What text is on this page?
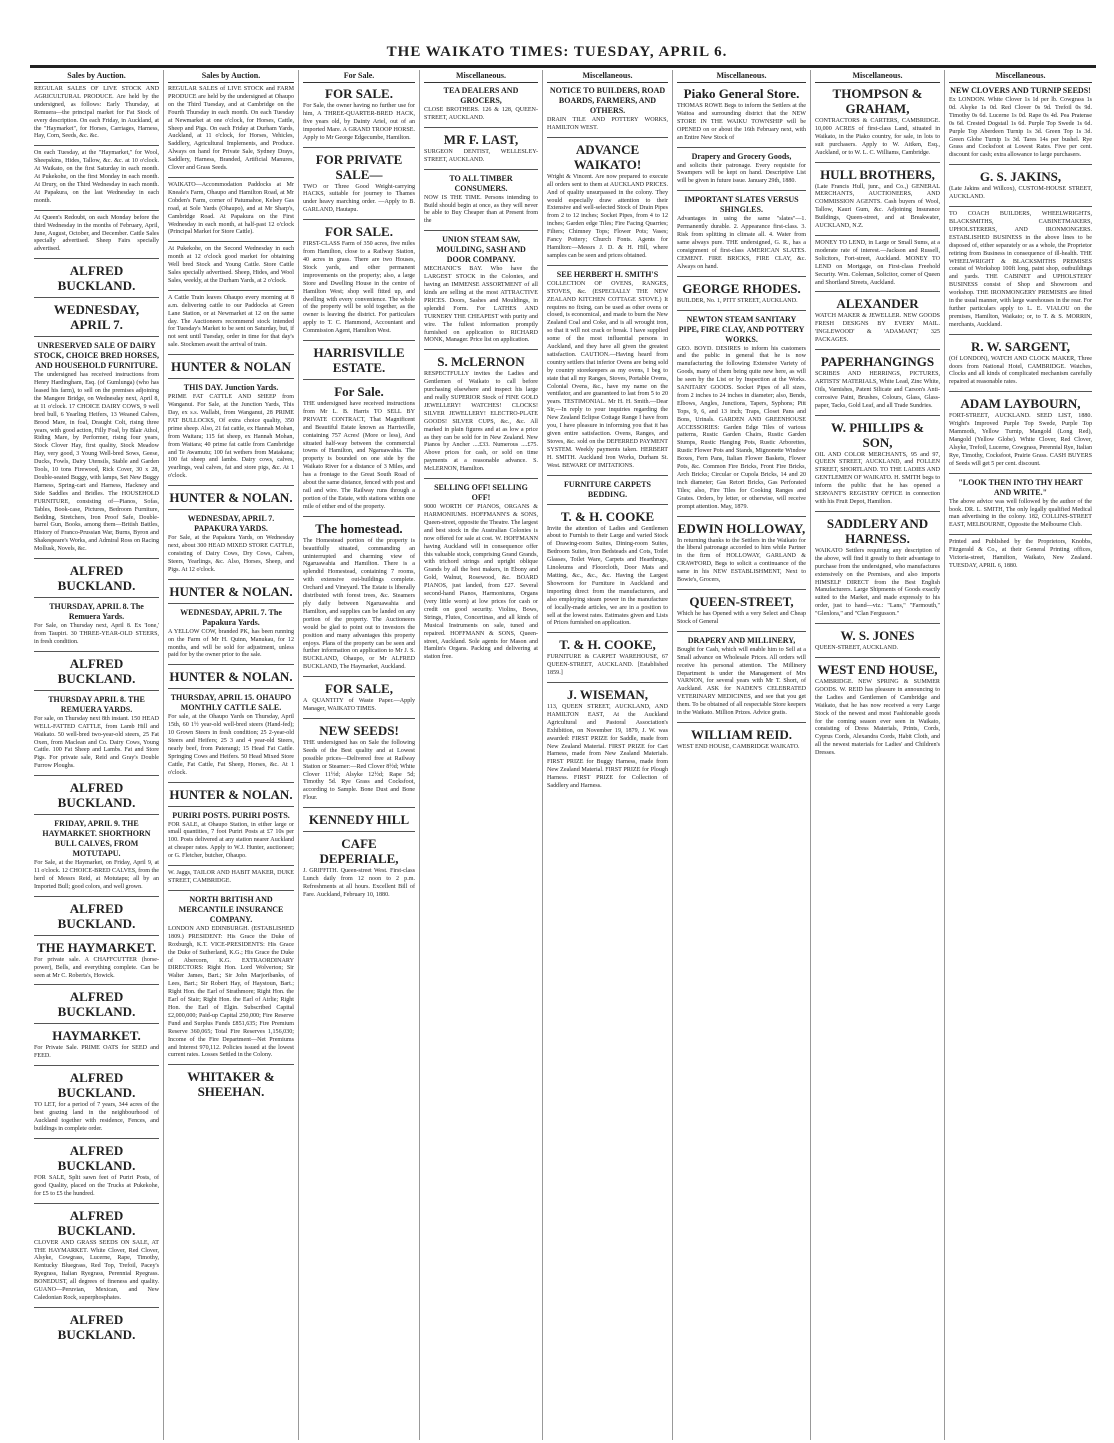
THE WAIKATO TIMES: TUESDAY, APRIL 6.
Sales by Auction.

REGULAR SALES OF LIVE STOCK AND AGRICULTURAL PRODUCE. Are held by the undersigned, as follows: Early Thursday, at Remuera—the principal market for Fat Stock of every description. On each Friday, in Auckland, at the "Haymarket", for Horses, Carriages, Harness, Hay, Corn, Seeds, &c. &c.

On each Tuesday, at the "Haymarket," for Wool, Sheepskins, Hides, Tallow, &c. &c. at 10 o'clock. At Waikato, on the first Saturday in each month. At Pukekohe, on the first Monday in each month. At Drury, on the Third Wednesday in each month. At Papakura, on the last Wednesday in each month.

At Queen's Redoubt, on each Monday before the third Wednesday in the months of February, April, June, August, October, and December. Cattle Sales specially advertised. Sheep Fairs specially advertised.

ALFRED BUCKLAND.
WEDNESDAY, APRIL 7.
UNRESERVED SALE OF DAIRY STOCK, CHOICE BRED HORSES, AND HOUSEHOLD FURNITURE.

The undersigned has received instructions from Henry Hardingham, Esq. (of Gumlunga) (who has leased his farm), to sell on the premises adjoining the Mangere Bridge, on Wednesday next, April 8, at 11 o'clock. 17 CHOICE DAIRY COWS, 9 well bred bull, 6 Yearling Heifers, 13 Weaned Calves, Brood Mare, in foal, Draught Colt, rising three years, with good action, Filly Foal, by Blair Athol, Riding Mare, by Performer, rising four years, Stock Clover Hay, first quality, Stock Meadow Hay, very good, 3 Young Well-bred Sows, Geese, Ducks, Fowls, Dairy Utensils, Stable and Garden Tools, 10 tons Firewood, Rick Cover, 30 x 28, Double-seated Buggy, with lamps, Set New Buggy Harness, Spring-cart and Harness, Hackney and Side Saddles and Bridles. The HOUSEHOLD FURNITURE, consisting of—Pianos, Sofas, Tables, Book-case, Pictures, Bedroom Furniture, Bedding, Stretchers, Iron Proof Safe, Double-barrel Gun, Books, among them—British Battles, History of Franco-Prussian War, Burns, Byron and Shakespeare's Works, and Admiral Ross on Racing Mollusk, Novels, &c.

ALFRED BUCKLAND.
THURSDAY, APRIL 8. The Remuera Yards.

For Sale, on Thursday next, April 8. Ex 'Ione,' from Taupiri. 30 THREE-YEAR-OLD STEERS, in fresh condition.

ALFRED BUCKLAND.
THURSDAY APRIL 8. THE REMUERA YARDS.

For sale, on Thursday next 8th instant. 150 HEAD WELL-FATTED CATTLE, from Lamb Hill and Waikato. 50 well-bred two-year-old steers, 25 Fat Oxen, from Maclean and Co. Dairy Cows, Young Cattle. 100 Fat Sheep and Lambs. Fat and Store Pigs. For private sale, Reid and Gray's Double Furrow Ploughs.

ALFRED BUCKLAND.
FRIDAY, APRIL 9. THE HAYMARKET. SHORTHORN BULL CALVES, FROM MOTUTAPU.

For Sale, at the Haymarket, on Friday, April 9, at 11 o'clock. 12 CHOICE-BRED CALVES, from the herd of Messrs Reid, at Motutapu; all by an Imported Bull; good colors, and well grown.

ALFRED BUCKLAND.
THE HAYMARKET.

For private sale. A CHAFFCUTTER (horse-power), Bells, and everything complete. Can be seen at Mr C. Roberts's, Howick.

ALFRED BUCKLAND.
HAYMARKET.

For Private Sale. PRIME OATS for SEED and FEED.

ALFRED BUCKLAND.

TO LET, for a period of 7 years, 344 acres of the best grazing land in the neighbourhood of Auckland together with residence, Fences, and buildings in complete order.

ALFRED BUCKLAND.

FOR SALE, Split sawn feet of Puriri Posts, of good Quality, placed on the Trucks at Pukekohe, for £5 to £5 the hundred.

ALFRED BUCKLAND.

CLOVER AND GRASS SEEDS ON SALE, AT THE HAYMARKET. White Clover, Red Clover, Alsyke, Cowgrass, Lucerne, Rape, Timothy, Kentucky Bluegrass, Red Top, Trefoil, Pacey's Ryegrass, Italian Ryegrass, Perennial Ryegrass. BONEDUST, all degrees of fineness and quality. GUANO—Peruvian, Mexican, and New Caledonian Rock, superphosphates.

ALFRED BUCKLAND.
Sales by Auction.

REGULAR SALES of LIVE STOCK and FARM PRODUCE are held by the undersigned at Ohaupo on the Third Tuesday, and at Cambridge on the Fourth Thursday in each month. On each Tuesday at Newmarket at one o'clock, for Horses, Cattle, Sheep and Pigs. On each Friday at Durham Yards, Auckland, at 11 o'clock, for Horses, Vehicles, Saddlery, Agricultural Implements, and Produce. Always on hand for Private Sale, Sydney Drays, Saddlery, Harness, Branded, Artificial Manures, Clover and Grass Seeds.

WAIKATO—Accommodation Paddocks at Mr Kneale's Farm, Ohaupo and Hamilton Road, at Mr Cobden's Farm, corner of Patumahoe, Kelsey Gas road, at Sole Yards (Ohaupo), and at Mr Sharp's, Cambridge Road. At Papakura on the First Wednesday in each month, at half-past 12 o'clock (Principal Market for Store Cattle).

At Pukekohe, on the Second Wednesday in each month at 12 o'clock good market for obtaining Well bred Stock and Young Cattle. Store Cattle Sales specially advertised. Sheep, Hides, and Wool Sales, weekly, at the Durham Yards, at 2 o'clock.

A Cattle Train leaves Ohaupo every morning at 8 a.m. delivering cattle to our Paddocks at Green Lane Station, or at Newmarket at 12 on the same day. The Auctioneers recommend stock intended for Tuesday's Market to be sent on Saturday, but, if not sent until Tuesday, order in time for that day's sale. Stockmen await the arrival of train.

HUNTER & NOLAN
THIS DAY. Junction Yards.

PRIME FAT CATTLE AND SHEEP from Wanganui. For Sale, at the Junction Yards, This Day, ex s.s. Wallabi, from Wanganui, 28 PRIME FAT BULLOCKS, Of extra choice quality, 350 prime sheep. Also, 21 fat cattle, ex Hannah Mohan, from Waitara; 115 fat sheep, ex Hannah Mohan, from Waitara; 40 prime fat cattle from Cambridge and Te Awamutu; 100 fat wethers from Matakana; 100 fat sheep and lambs. Dairy cows, calves, yearlings, veal calves, fat and store pigs, &c. At 1 o'clock.

HUNTER & NOLAN.
WEDNESDAY, APRIL 7. PAPAKURA YARDS.

For Sale, at the Papakura Yards, on Wednesday next, about 300 HEAD MIXED STORE CATTLE, consisting of Dairy Cows, Dry Cows, Calves, Steers, Yearlings, &c. Also, Horses, Sheep, and Pigs. At 12 o'clock.

HUNTER & NOLAN.
WEDNESDAY, APRIL 7. The Papakura Yards.

A YELLOW COW, branded PK, has been running on the Farm of Mr H. Quinn, Manukau, for 12 months, and will be sold for adjustment, unless paid for by the owner prior to the sale.

HUNTER & NOLAN.
THURSDAY, APRIL 15. OHAUPO MONTHLY CATTLE SALE.

For sale, at the Ohaupo Yards on Thursday, April 15th, 60 1½ year-old well-bred steers (Hand-fed); 10 Grown Steers in fresh condition; 25 2-year-old Steers and Heifers; 25 3 and 4 year-old Steers, nearly beef, from Paterangi; 15 Head Fat Cattle. Springing Cows and Heifers. 50 Head Mixed Store Cattle, Fat Cattle, Fat Sheep, Horses, &c. At 1 o'clock.

HUNTER & NOLAN.
PURIRI POSTS. PURIRI POSTS.

FOR SALE, at Ohaupo Station, in either large or small quantities, 7 foot Puriri Posts at £7 10s per 100. Posts delivered at any station nearer Auckland at cheaper rates. Apply to W.J. Hunter, auctioneer; or G. Fletcher, butcher, Ohaupo.

W. Jaggs, TAILOR AND HABIT MAKER, DUKE STREET, CAMBRIDGE.

NORTH BRITISH AND MERCANTILE INSURANCE COMPANY.

LONDON AND EDINBURGH. (ESTABLISHED 1809.) PRESIDENT: His Grace the Duke of Roxburgh, K.T. VICE-PRESIDENTS: His Grace the Duke of Sutherland, K.G.; His Grace the Duke of Abercorn, K.G. EXTRAORDINARY DIRECTORS: Right Hon. Lord Wolverton; Sir Walter James, Bart.; Sir John Marjoribanks, of Lees, Bart.; Sir Robert Hay, of Haystoun, Bart.; Right Hon. the Earl of Strathmore; Right Hon. the Earl of Stair; Right Hon. the Earl of Airlie; Right Hon. the Earl of Elgin. Subscribed Capital £2,000,000; Paid-up Capital 250,000; Fire Reserve Fund and Surplus Funds £851,635; Fire Premium Reserve 360,065; Total Fire Reserves 1,156,030; Income of the Fire Department—Net Premiums and Interest 970,112. Policies issued at the lowest current rates. Losses Settled in the Colony.

WHITAKER & SHEEHAN.
For Sale.
FOR SALE.

For Sale, the owner having no further use for him, A THREE-QUARTER-BRED HACK, five years old, by Dainty Ariel, out of an imported Mare. A GRAND TROOP HORSE. Apply to Mr George Edgecumbe, Hamilton.

FOR PRIVATE SALE—

TWO or Three Good Weight-carrying HACKS, suitable for journey to Thames under heavy marching order. —Apply to B. GARLAND, Hautapu.

FOR SALE.

FIRST-CLASS Farm of 350 acres, five miles from Hamilton, close to a Railway Station, 40 acres in grass. There are two Houses, Stock yards, and other permanent improvements on the property; also, a large Store and Dwelling House in the centre of Hamilton West; shop well fitted up, and dwelling with every convenience. The whole of the property will be sold together, as the owner is leaving the district. For particulars apply to T. C. Hammond, Accountant and Commission Agent, Hamilton West.

HARRISVILLE ESTATE.
For Sale.

THE undersigned have received instructions from Mr L. B. Harris TO SELL BY PRIVATE CONTRACT, That Magnificent and Beautiful Estate known as Harrisville, containing 757 Acres! (More or less), And situated half-way between the commercial towns of Hamilton, and Ngaruawahia. The property is bounded on one side by the Waikato River for a distance of 3 Miles, and has a frontage to the Great South Road of about the same distance, fenced with post and rail and wire. The Railway runs through a portion of the Estate, with stations within one mile of either end of the property.

The homestead.

The Homestead portion of the property is beautifully situated, commanding an uninterrupted and charming view of Ngaruawahia and Hamilton. There is a splendid Homestead, containing 7 rooms, with extensive out-buildings complete. Orchard and Vineyard. The Estate is liberally distributed with forest trees, &c. Steamers ply daily between Ngaruawahia and Hamilton, and supplies can be landed on any portion of the property. The Auctioneers would be glad to point out to investors the position and many advantages this property enjoys. Plans of the property can be seen and further information on application to Mr J. S. BUCKLAND, Ohaupo, or Mr ALFRED BUCKLAND, The Haymarket, Auckland.

FOR SALE,

A QUANTITY of Waste Paper.—Apply Manager, WAIKATO TIMES.

NEW SEEDS!

THE undersigned has on Sale the following Seeds of the Best quality and at Lowest possible prices—Delivered free at Railway Station or Steamer:—Red Clover 8½d; White Clover 11½d; Alsyke 12½d; Rape 5d; Timothy 5d. Rye Grass and Cocksfoot, according to Sample. Bone Dust and Bone Flour.

KENNEDY HILL
CAFE DEPERIALE,

J. GRIFFITH. Queen-street West. First-class Lunch daily from 12 noon to 2 p.m. Refreshments at all hours. Excellent Bill of Fare. Auckland, February 10, 1880.

Miscellaneous.
TEA DEALERS AND GROCERS,

CLOSE BROTHERS. 126 & 128, QUEEN-STREET, AUCKLAND.

MR F. LAST,

SURGEON DENTIST, WELLESLEY-STREET, AUCKLAND.

TO ALL TIMBER CONSUMERS.

NOW IS THE TIME. Persons intending to Build should begin at once, as they will never be able to Buy Cheaper than at Present from the

UNION STEAM SAW, MOULDING, SASH AND DOOR COMPANY.

MECHANIC'S BAY. Who have the LARGEST STOCK in the Colonies, and having an IMMENSE ASSORTMENT of all kinds are selling at the most ATTRACTIVE PRICES. Doors, Sashes and Mouldings, in splendid Form. For LATHES AND TURNERY THE CHEAPEST with purity and wire. The fullest information promptly furnished on application to RICHARD MONK, Manager. Price list on application.

S. McLERNON

RESPECTFULLY invites the Ladies and Gentlemen of Waikato to call before purchasing elsewhere and inspect his large and really SUPERIOR Stock of FINE GOLD JEWELLERY! WATCHES! CLOCKS! SILVER JEWELLERY! ELECTRO-PLATE GOODS! SILVER CUPS, &c., &c. All marked in plain figures and at as low a price as they can be sold for in New Zealand. New Pianos by Ancher ....£33. Numerous ....£75. Above prices for cash, or sold on time payments at a reasonable advance. S. McLERNON, Hamilton.

SELLING OFF! SELLING OFF!

9000 WORTH OF PIANOS, ORGANS & HARMONIUMS. HOFFMANN'S & SONS, Queen-street, opposite the Theatre. The largest and best stock in the Australian Colonies is now offered for sale at cost. W. HOFFMANN having Auckland will in consequence offer this valuable stock, comprising Grand Grands, with trichord strings and upright oblique Grands by all the best makers, in Ebony and Gold, Walnut, Rosewood, &c. BOARD PIANOS, just landed, from £27. Several second-hand Pianos, Harmoniums, Organs (very little worn) at low prices for cash or credit on good security. Violins, Bows, Strings, Flutes, Concertinas, and all kinds of Musical Instruments on sale, tuned and repaired. HOFFMANN & SONS, Queen-street, Auckland. Sole agents for Mason and Hamlin's Organs. Packing and delivering at station free.

Miscellaneous.
NOTICE TO BUILDERS, ROAD BOARDS, FARMERS, AND OTHERS.

DRAIN TILE AND POTTERY WORKS, HAMILTON WEST.

ADVANCE WAIKATO!

Wright & Vincent. Are now prepared to execute all orders sent to them at AUCKLAND PRICES. And of quality unsurpassed in the colony. They would especially draw attention to their Extensive and well-selected Stock of Drain Pipes from 2 to 12 inches; Socket Pipes, from 4 to 12 inches; Garden edge Tiles; Fire Facing Quarries; Filters; Chimney Tops; Flower Pots; Vases; Fancy Pottery; Church Fonts. Agents for Hamilton:—Messrs J. D. & H. Hill, where samples can be seen and prices obtained.

SEE HERBERT H. SMITH'S

COLLECTION OF OVENS, RANGES, STOVES, &c. (ESPECIALLY THE NEW ZEALAND KITCHEN COTTAGE STOVE.) It requires no fixing, can be used as other ovens or closed, is economical, and made to burn the New Zealand Coal and Coke, and is all wrought iron, so that it will not crack or break. I have supplied some of the most influential persons in Auckland, and they have all given the greatest satisfaction. CAUTION.—Having heard from country settlers that inferior Ovens are being sold by country storekeepers as my ovens, I beg to state that all my Ranges, Stoves, Portable Ovens, Colonial Ovens, &c., have my name on the ventilator, and are guaranteed to last from 5 to 20 years. TESTIMONIAL. Mr H. H. Smith.—Dear Sir,—In reply to your inquiries regarding the New Zealand Eclipse Cottage Range I have from you, I have pleasure in informing you that it has given entire satisfaction. Ovens, Ranges, and Stoves, &c. sold on the DEFERRED PAYMENT SYSTEM. Weekly payments taken. HERBERT H. SMITH. Auckland Iron Works, Durham St. West. BEWARE OF IMITATIONS.

FURNITURE CARPETS BEDDING.
T. & H. COOKE

Invite the attention of Ladies and Gentlemen about to Furnish to their Large and varied Stock of Drawing-room Suites, Dining-room Suites, Bedroom Suites, Iron Bedsteads and Cots, Toilet Glasses, Toilet Ware, Carpets and Hearthrugs, Linoleums and Floorcloth, Door Mats and Matting, &c., &c., &c. Having the Largest Showroom for Furniture in Auckland and importing direct from the manufacturers, and also employing steam power in the manufacture of locally-made articles, we are in a position to sell at the lowest rates. Estimates given and Lists of Prices furnished on application.

T. & H. COOKE,

FURNITURE & CARPET WAREHOUSE, 67 QUEEN-STREET, AUCKLAND. [Established 1859.]

J. WISEMAN,

113, QUEEN STREET, AUCKLAND, AND HAMILTON EAST, At the Auckland Agricultural and Pastoral Association's Exhibition, on November 19, 1879, J. W. was awarded: FIRST PRIZE for Saddle, made from New Zealand Material. FIRST PRIZE for Cart Harness, made from New Zealand Materials. FIRST PRIZE for Buggy Harness, made from New Zealand Material. FIRST PRIZE for Plough Harness. FIRST PRIZE for Collection of Saddlery and Harness.

Miscellaneous.
Piako General Store.

THOMAS ROWE Begs to inform the Settlers at the Waitoa and surrounding district that the NEW STORE IN THE WAIKU TOWNSHIP will be OPENED on or about the 16th February next, with an Entire New Stock of

Drapery and Grocery Goods,

and solicits their patronage. Every requisite for Swampers will be kept on hand. Descriptive List will be given in future issue. January 29th, 1880.

IMPORTANT SLATES VERSUS SHINGLES.

Advantages in using the same "slates"—1. Permanently durable. 2. Appearance first-class. 3. Risk from splitting in climate all. 4. Water from same always pure. THE undersigned, G. R., has a consignment of first-class AMERICAN SLATES. CEMENT. FIRE BRICKS, FIRE CLAY, &c. Always on hand.

GEORGE RHODES.

BUILDER, No. 1, PITT STREET, AUCKLAND.

NEWTON STEAM SANITARY PIPE, FIRE CLAY, AND POTTERY WORKS.

GEO. BOYD. DESIRES to inform his customers and the public in general that he is now manufacturing the following Extensive Variety of Goods, many of them being quite new here, as will be seen by the List or by Inspection at the Works. SANITARY GOODS. Socket Pipes of all sizes, from 2 inches to 24 inches in diameter; also, Bends, Elbows, Angles, Junctions, Tapers, Syphons; Pitt Tops, 9, 6, and 13 inch; Traps, Closet Pans and Bons, Urinals. GARDEN AND GREENHOUSE ACCESSORIES: Garden Edge Tiles of various patterns, Rustic Garden Chairs, Rustic Garden Stumps, Rustic Hanging Pots, Rustic Arborettes, Rustic Flower Pots and Stands, Mignonette Window Boxes, Fern Pans, Italian Flower Baskets, Flower Pots, &c. Common Fire Bricks, Front Fire Bricks, Arch Bricks; Circular or Cupola Bricks, 14 and 20 inch diameter; Gas Retort Bricks, Gas Perforated Tiles; also, Fire Tiles for Cooking Ranges and Grates. Orders, by letter, or otherwise, will receive prompt attention. May, 1879.

EDWIN HOLLOWAY,

In returning thanks to the Settlers in the Waikato for the liberal patronage accorded to him while Partner in the firm of HOLLOWAY, GARLAND & CRAWFORD, Begs to solicit a continuance of the same in his NEW ESTABLISHMENT, Next to Bowie's, Grocers,

QUEEN-STREET,

Which he has Opened with a very Select and Cheap Stock of General

DRAPERY AND MILLINERY,

Bought for Cash, which will enable him to Sell at a Small advance on Wholesale Prices. All orders will receive his personal attention. The Millinery Department is under the Management of Mrs VARNON, for several years with Mr T. Short, of Auckland. ASK for NADEN'S CELEBRATED VETERINARY MEDICINES, and see that you get them. To be obtained of all respectable Store keepers in the Waikato. Million Prizes. Advice gratis.

WILLIAM REID.

WEST END HOUSE, CAMBRIDGE WAIKATO.

Miscellaneous.
THOMPSON & GRAHAM,

CONTRACTORS & CARTERS, CAMBRIDGE. 10,000 ACRES of first-class Land, situated in Waikato, in the Piako country, for sale, in lots to suit purchasers. Apply to W. Aitken, Esq., Auckland, or to W. L. C. Williams, Cambridge.

HULL BROTHERS,

(Late Francis Hull, junr., and Co.,) GENERAL MERCHANTS, AUCTIONEERS, AND COMMISSION AGENTS. Cash buyers of Wool, Tallow, Kauri Gum, &c. Adjoining Insurance Buildings, Queen-street, and at Breakwater, AUCKLAND, N.Z.

MONEY TO LEND, in Large or Small Sums, at a moderate rate of interest.—Jackson and Russell, Solicitors, Fort-street, Auckland. MONEY TO LEND on Mortgage, on First-class Freehold Security. Wm. Coleman, Solicitor, corner of Queen and Shortland Streets, Auckland.

ALEXANDER

WATCH MAKER & JEWELLER. NEW GOODS FRESH DESIGNS BY EVERY MAIL. 'INGLEWOOD' & 'ADAMANT,' 325 PACKAGES.

PAPERHANGINGS

SCRIBES AND HERRINGS, PICTURES, ARTISTS' MATERIALS, White Lead, Zinc White, Oils, Varnishes, Patent Silicate and Carson's Anti-corrosive Paint, Brushes, Colours, Glass, Glass-paper, Tacks, Gold Leaf, and all Trade Sundries.

W. PHILLIPS & SON,

OIL AND COLOR MERCHANTS, 95 and 97, QUEEN STREET, AUCKLAND, and FOLLEN STREET, SHORTLAND. TO THE LADIES AND GENTLEMEN OF WAIKATO. H. SMITH begs to inform the public that he has opened a SERVANT'S REGISTRY OFFICE in connection with his Fruit Depot, Hamilton.

SADDLERY AND HARNESS.

WAIKATO Settlers requiring any description of the above, will find it greatly to their advantage to purchase from the undersigned, who manufactures extensively on the Premises, and also imports HIMSELF DIRECT from the Best English Manufacturers. Large Shipments of Goods exactly suited to the Market, and made expressly to his order, just to hand—viz.: "Lans," "Farmouth," "Glenlora," and "Clan Fergusson."

W. S. JONES

QUEEN-STREET, AUCKLAND.

WEST END HOUSE,

CAMBRIDGE. NEW SPRING & SUMMER GOODS. W. REID has pleasure in announcing to the Ladies and Gentlemen of Cambridge and Waikato, that he has now received a very Large Stock of the newest and most Fashionable goods for the coming season ever seen in Waikato, consisting of Dress Materials, Prints, Cords, Cyprus Cords, Alexandra Cords, Habit Cloth, and all the newest materials for Ladies' and Children's Dresses.

Miscellaneous.
NEW CLOVERS AND TURNIP SEEDS!

Ex LONDON. White Clover 1s 1d per lb. Cowgrass 1s 0d. Alsyke 1s 0d. Red Clover 0s 9d. Trefoil 0s 9d. Timothy 0s 6d. Lucerne 1s 0d. Rape 0s 4d. Pea Pratense 0s 6d. Crested Dogstail 1s 6d. Purple Top Swede 1s 6d. Purple Top Aberdeen Turnip 1s 3d. Green Top 1s 3d. Green Globe Turnip 1s 3d. Tares 14s per bushel. Rye Grass and Cocksfoot at Lowest Rates. Five per cent. discount for cash; extra allowance to large purchasers.

G. S. JAKINS,

(Late Jakins and Willcox), CUSTOM-HOUSE STREET, AUCKLAND.

TO COACH BUILDERS, WHEELWRIGHTS, BLACKSMITHS, CABINETMAKERS, UPHOLSTERERS, AND IRONMONGERS. ESTABLISHED BUSINESS in the above lines to be disposed of, either separately or as a whole, the Proprietor retiring from Business in consequence of ill-health. THE WHEELWRIGHT & BLACKSMITHS PREMISES consist of Workshop 100ft long, paint shop, outbuildings and yards. THE CABINET and UPHOLSTERY BUSINESS consist of Shop and Showroom and workshop. THE IRONMONGERY PREMISES are fitted in the usual manner, with large warehouses in the rear. For further particulars apply to L. E. VIALOU on the premises, Hamilton, Waikato; or, to T. & S. MORRIN, merchants, Auckland.

R. W. SARGENT,

(Of LONDON), WATCH AND CLOCK MAKER, Three doors from National Hotel, CAMBRIDGE. Watches, Clocks and all kinds of complicated mechanism carefully repaired at reasonable rates.

ADAM LAYBOURN,

FORT-STREET, AUCKLAND. SEED LIST, 1880. Wright's Improved Purple Top Swede, Purple Top Mammoth, Yellow Turnip, Mangold (Long Red), Mangold (Yellow Globe). White Clover, Red Clover, Alsyke, Trefoil, Lucerne, Cowgrass, Perennial Rye, Italian Rye, Timothy, Cocksfoot, Prairie Grass. CASH BUYERS of Seeds will get 5 per cent. discount.

"LOOK THEN INTO THY HEART AND WRITE."

The above advice was well followed by the author of the book. DR. L. SMITH, The only legally qualified Medical man advertising in the colony. 182, COLLINS-STREET EAST, MELBOURNE, Opposite the Melbourne Club.

Printed and Published by the Proprietors, Knobbs, Fitzgerald & Co., at their General Printing offices, Victoria-street, Hamilton, Waikato, New Zealand. TUESDAY, APRIL 6, 1880.
